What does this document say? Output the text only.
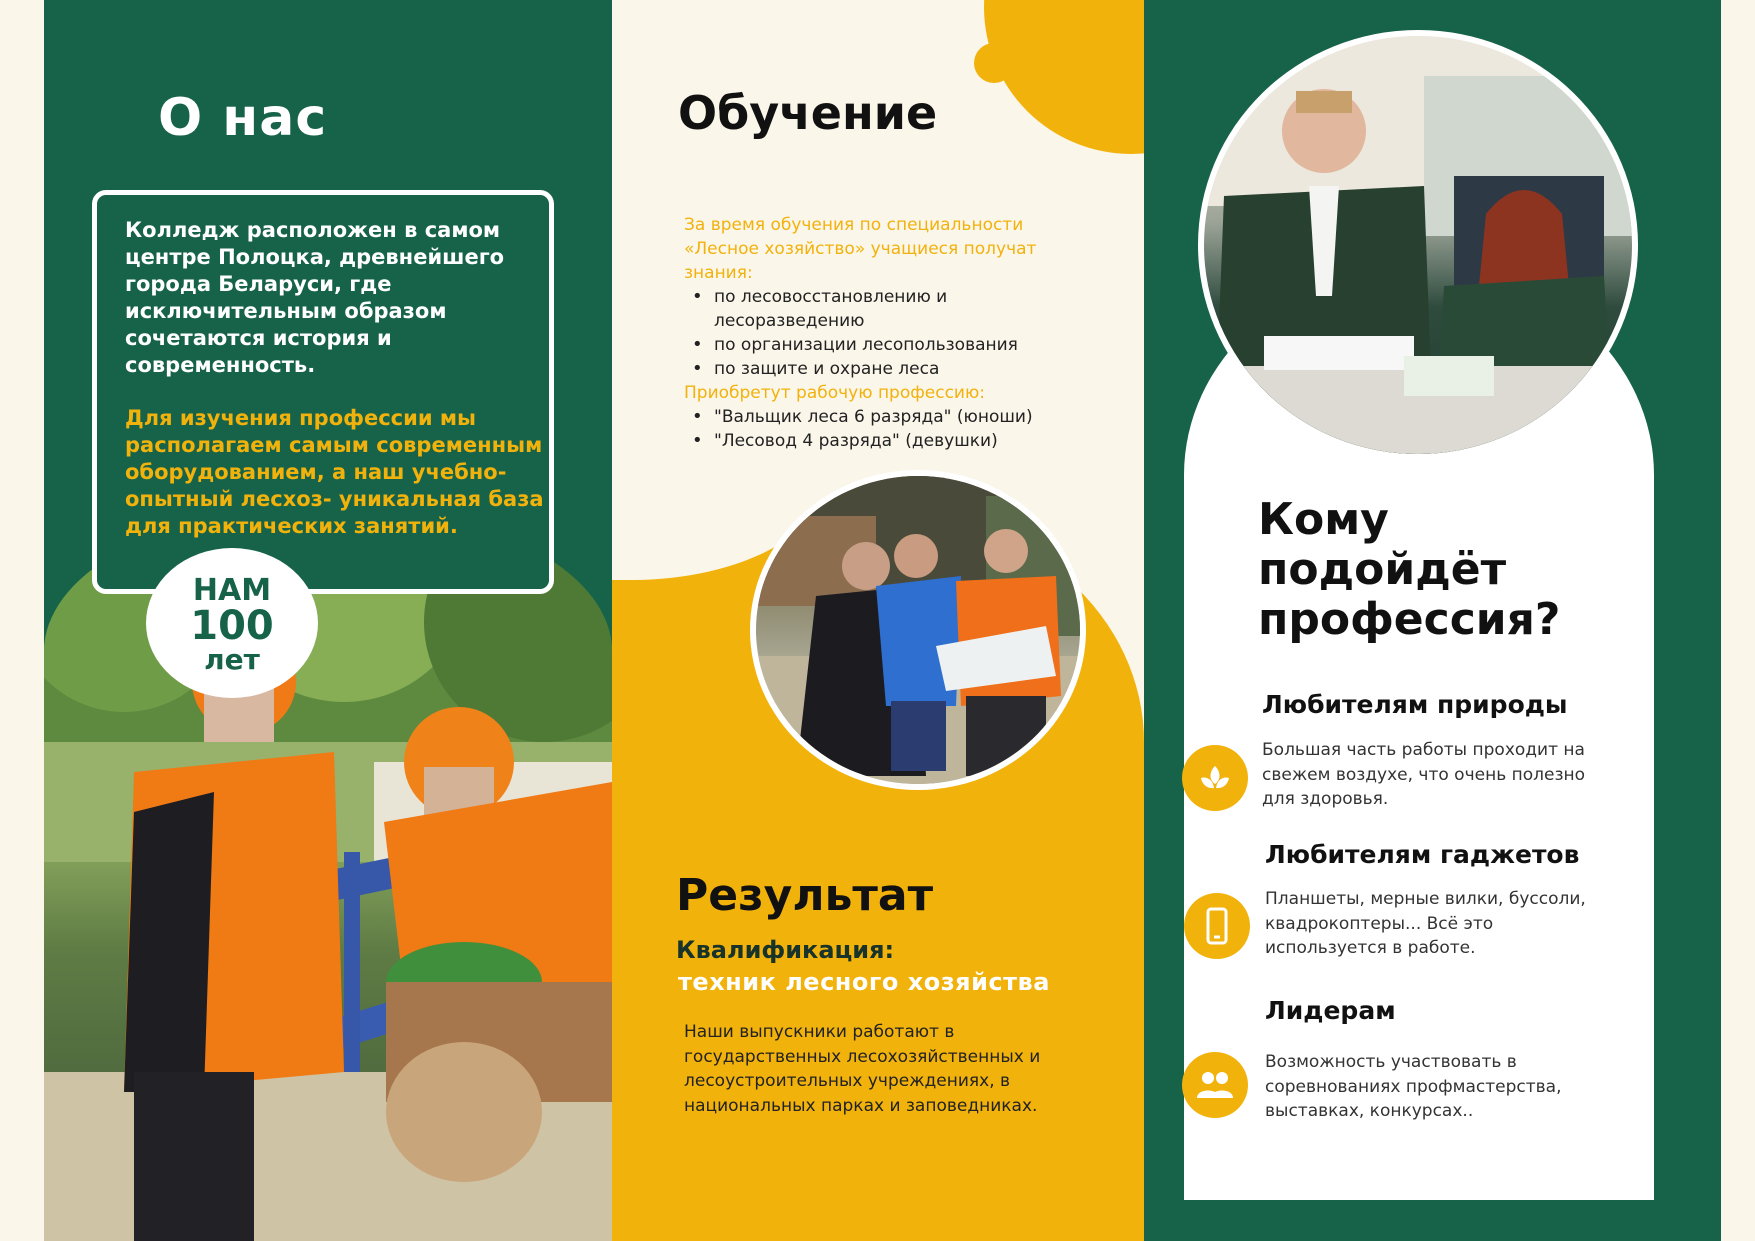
О нас
Колледж расположен в самом центре Полоцка, древнейшего города Беларуси, где исключительным образом сочетаются история и современность.
Для изучения профессии мы располагаем самым современным оборудованием, а наш учебно-опытный лесхоз- уникальная база для практических занятий.
НАМ
100
лет
Обучение
За время обучения по специальности «Лесное хозяйство» учащиеся получат знания:
• по лесовосстановлению и лесоразведению
• по организации лесопользования
• по защите и охране леса
Приобретут рабочую профессию:
• "Вальщик леса 6 разряда" (юноши)
• "Лесовод 4 разряда" (девушки)
Результат
Квалификация:
техник лесного хозяйства
Наши выпускники работают в государственных лесохозяйственных и лесоустроительных учреждениях, в национальных парках и заповедниках.
Кому подойдёт профессия?
Любителям природы
Большая часть работы проходит на свежем воздухе, что очень полезно для здоровья.
Любителям гаджетов
Планшеты, мерные вилки, буссоли, квадрокоптеры... Всё это используется в работе.
Лидерам
Возможность участвовать в соревнованиях профмастерства, выставках, конкурсах..
